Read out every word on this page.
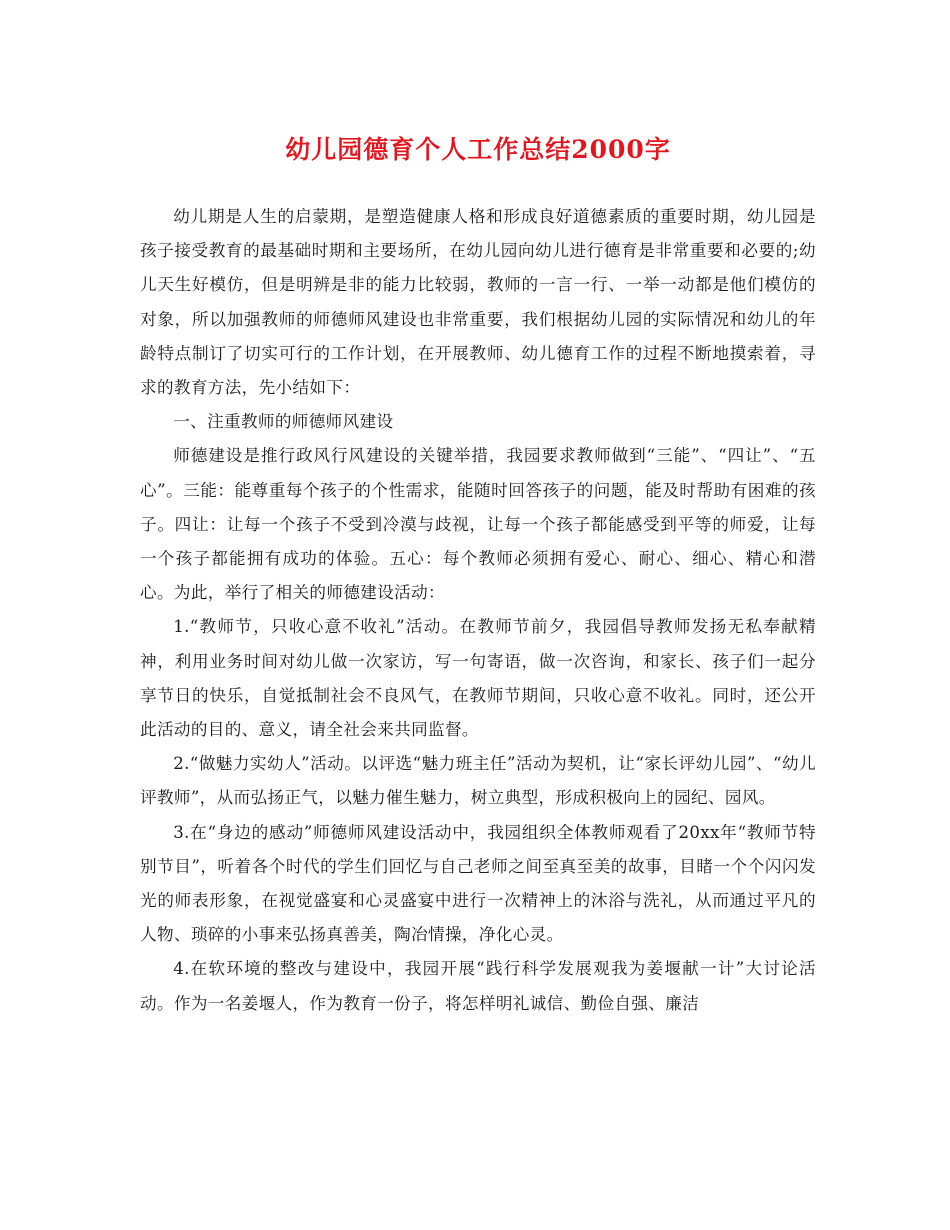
幼儿园德育个人工作总结2000字

幼儿期是人生的启蒙期，是塑造健康人格和形成良好道德素质的重要时期，幼儿园是孩子接受教育的最基础时期和主要场所，在幼儿园向幼儿进行德育是非常重要和必要的;幼儿天生好模仿，但是明辨是非的能力比较弱，教师的一言一行、一举一动都是他们模仿的对象，所以加强教师的师德师风建设也非常重要，我们根据幼儿园的实际情况和幼儿的年龄特点制订了切实可行的工作计划，在开展教师、幼儿德育工作的过程不断地摸索着，寻求的教育方法，先小结如下：

一、注重教师的师德师风建设

师德建设是推行政风行风建设的关键举措，我园要求教师做到“三能”、“四让”、“五心”。三能：能尊重每个孩子的个性需求，能随时回答孩子的问题，能及时帮助有困难的孩子。四让：让每一个孩子不受到冷漠与歧视，让每一个孩子都能感受到平等的师爱，让每一个孩子都能拥有成功的体验。五心：每个教师必须拥有爱心、耐心、细心、精心和潜心。为此，举行了相关的师德建设活动：

1.“教师节，只收心意不收礼”活动。在教师节前夕，我园倡导教师发扬无私奉献精神，利用业务时间对幼儿做一次家访，写一句寄语，做一次咨询，和家长、孩子们一起分享节日的快乐，自觉抵制社会不良风气，在教师节期间，只收心意不收礼。同时，还公开此活动的目的、意义，请全社会来共同监督。

2.“做魅力实幼人”活动。以评选“魅力班主任”活动为契机，让“家长评幼儿园”、“幼儿评教师”，从而弘扬正气，以魅力催生魅力，树立典型，形成积极向上的园纪、园风。

3.在“身边的感动”师德师风建设活动中，我园组织全体教师观看了20xx年“教师节特别节目”，听着各个时代的学生们回忆与自己老师之间至真至美的故事，目睹一个个闪闪发光的师表形象，在视觉盛宴和心灵盛宴中进行一次精神上的沐浴与洗礼，从而通过平凡的人物、琐碎的小事来弘扬真善美，陶冶情操，净化心灵。

4.在软环境的整改与建设中，我园开展“践行科学发展观我为姜堰献一计”大讨论活动。作为一名姜堰人，作为教育一份子，将怎样明礼诚信、勤俭自强、廉洁
